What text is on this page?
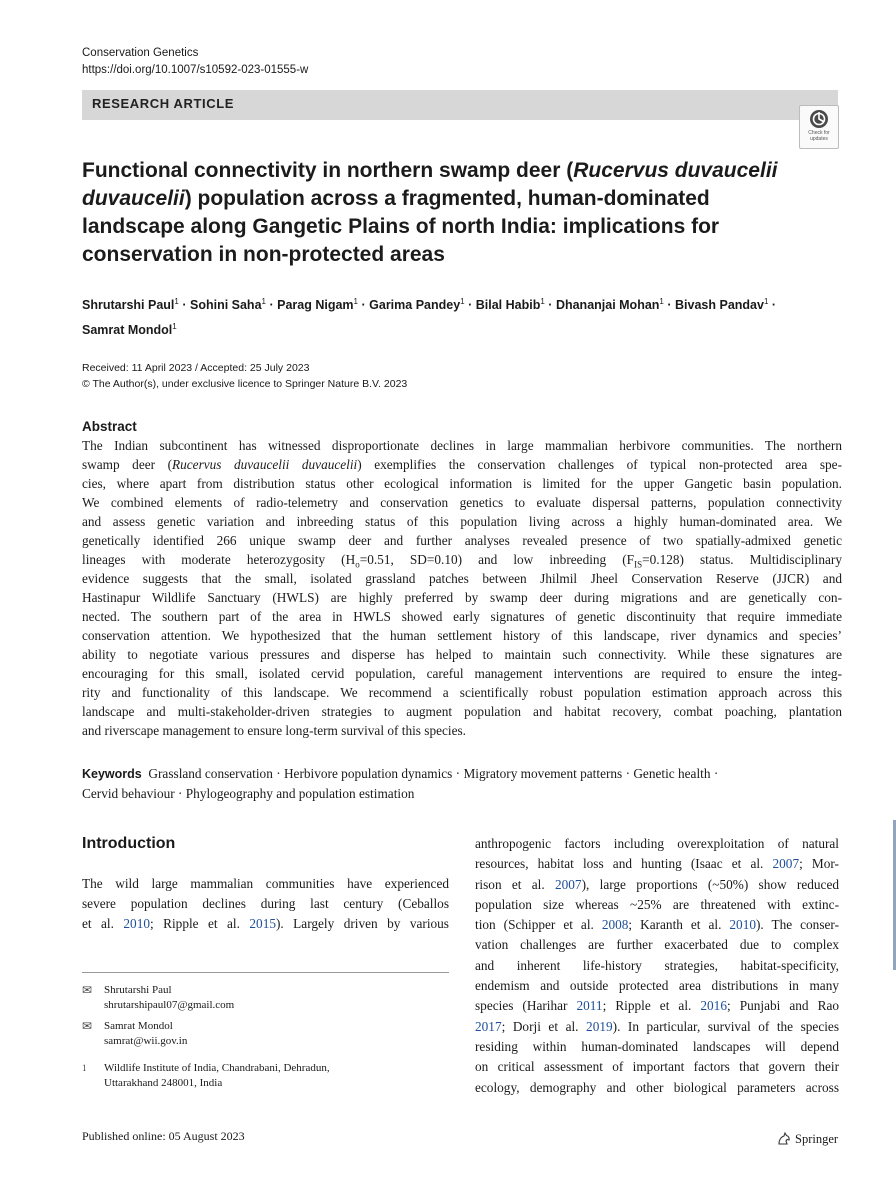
Conservation Genetics
https://doi.org/10.1007/s10592-023-01555-w
RESEARCH ARTICLE
Check for
updates
Functional connectivity in northern swamp deer (Rucervus duvaucelii
duvaucelii) population across a fragmented, human-dominated
landscape along Gangetic Plains of north India: implications for
conservation in non-protected areas
Shrutarshi Paul$^1$ · Sohini Saha$^1$ · Parag Nigam$^1$ · Garima Pandey$^1$ · Bilal Habib$^1$ · Dhananjai Mohan$^1$ · Bivash Pandav$^1$ ·
Samrat Mondol$^1$
Received: 11 April 2023 / Accepted: 25 July 2023
© The Author(s), under exclusive licence to Springer Nature B.V. 2023
Abstract
The Indian subcontinent has witnessed disproportionate declines in large mammalian herbivore communities. The northern
swamp deer (Rucervus duvaucelii duvaucelii) exemplifies the conservation challenges of typical non-protected area spe-
cies, where apart from distribution status other ecological information is limited for the upper Gangetic basin population.
We combined elements of radio-telemetry and conservation genetics to evaluate dispersal patterns, population connectivity
and assess genetic variation and inbreeding status of this population living across a highly human-dominated area. We
genetically identified 266 unique swamp deer and further analyses revealed presence of two spatially-admixed genetic
lineages with moderate heterozygosity ($H_o=0.51$, SD=0.10) and low inbreeding $(F_{IS}=0.128)$ status. Multidisciplinary
evidence suggests that the small, isolated grassland patches between Jhilmil Jheel Conservation Reserve (JJCR) and
Hastinapur Wildlife Sanctuary (HWLS) are highly preferred by swamp deer during migrations and are genetically con-
nected. The southern part of the area in HWLS showed early signatures of genetic discontinuity that require immediate
conservation attention. We hypothesized that the human settlement history of this landscape, river dynamics and species’
ability to negotiate various pressures and disperse has helped to maintain such connectivity. While these signatures are
encouraging for this small, isolated cervid population, careful management interventions are required to ensure the integ-
rity and functionality of this landscape. We recommend a scientifically robust population estimation approach across this
landscape and multi-stakeholder-driven strategies to augment population and habitat recovery, combat poaching, plantation
and riverscape management to ensure long-term survival of this species.
Keywords Grassland conservation · Herbivore population dynamics · Migratory movement patterns · Genetic health ·
Cervid behaviour · Phylogeography and population estimation
Introduction
The wild large mammalian communities have experienced
severe population declines during last century (Ceballos
et al. 2010; Ripple et al. 2015). Largely driven by various
anthropogenic factors including overexploitation of natural
resources, habitat loss and hunting (Isaac et al. 2007; Mor-
rison et al. 2007), large proportions (~50%) show reduced
population size whereas ~25% are threatened with extinc-
tion (Schipper et al. 2008; Karanth et al. 2010). The conser-
vation challenges are further exacerbated due to complex
and inherent life-history strategies, habitat-specificity,
endemism and outside protected area distributions in many
species (Harihar 2011; Ripple et al. 2016; Punjabi and Rao
2017; Dorji et al. 2019). In particular, survival of the species
residing within human-dominated landscapes will depend
on critical assessment of important factors that govern their
ecology, demography and other biological parameters across
✉	Shrutarshi Paul
shrutarshipaul07@gmail.com
✉	Samrat Mondol
samrat@wii.gov.in
1	Wildlife Institute of India, Chandrabani, Dehradun,
Uttarakhand 248001, India
Published online: 05 August 2023	Springer
